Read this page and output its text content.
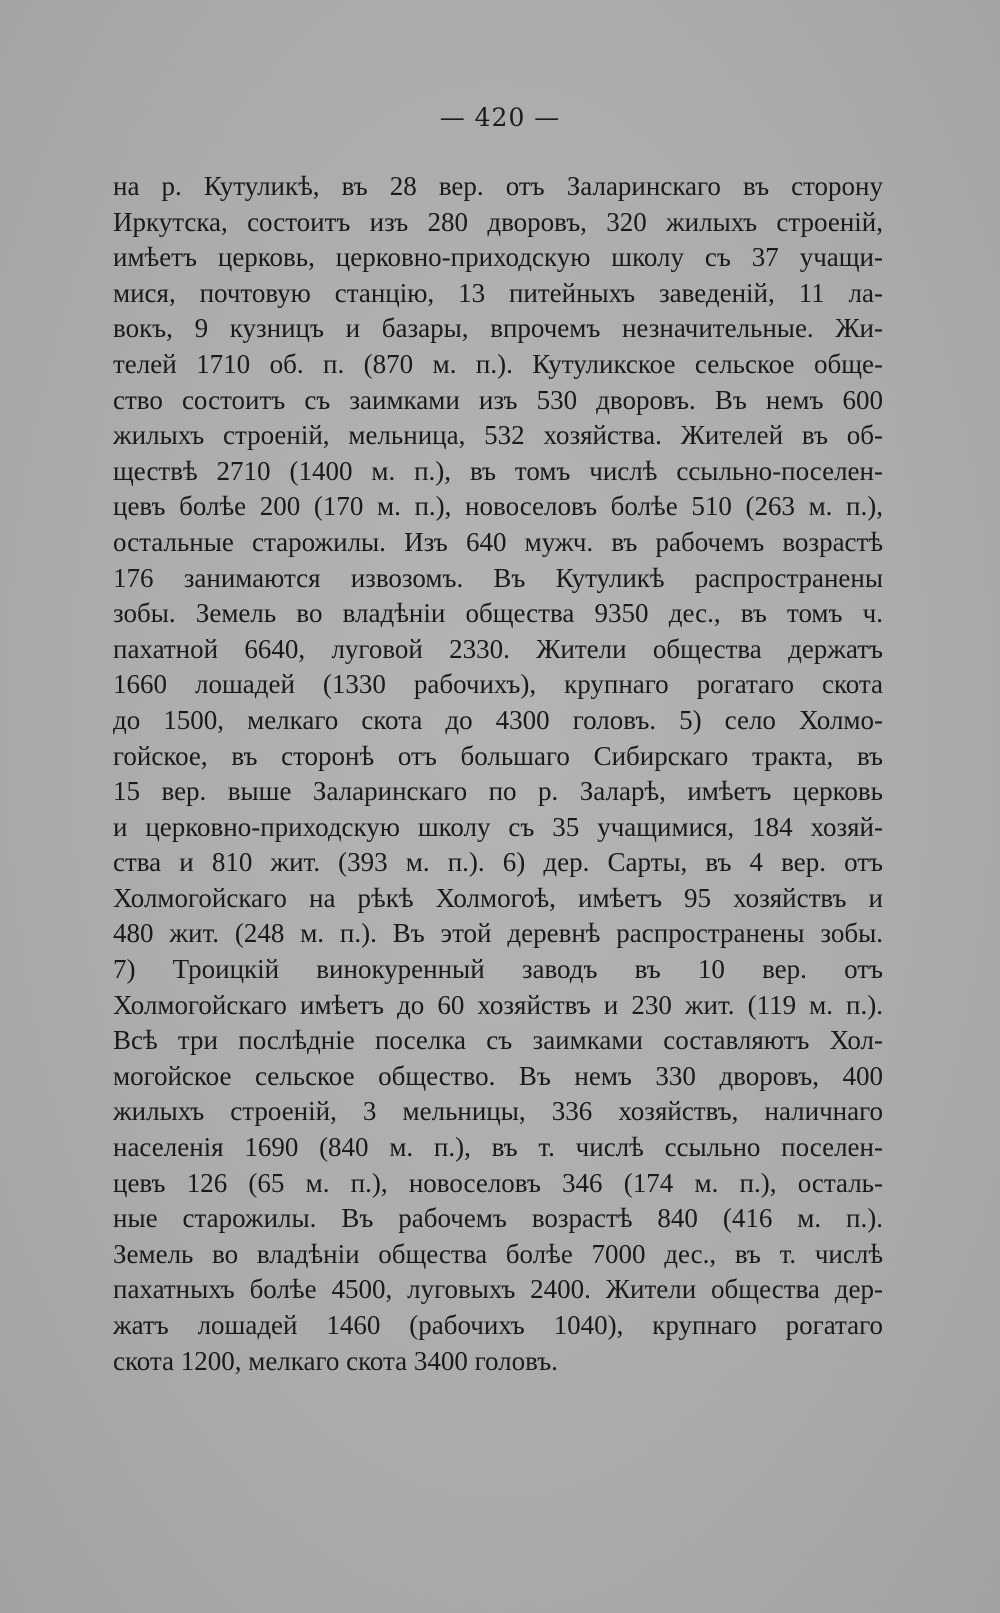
— 420 —
на р. Кутуликѣ, въ 28 вер. отъ Заларинскаго въ сторону
Иркутска, состоитъ изъ 280 дворовъ, 320 жилыхъ строеній,
имѣетъ церковь, церковно-приходскую школу съ 37 учащи-
мися, почтовую станцію, 13 питейныхъ заведеній, 11 ла-
вокъ, 9 кузницъ и базары, впрочемъ незначительные. Жи-
телей 1710 об. п. (870 м. п.). Кутуликское сельское обще-
ство состоитъ съ заимками изъ 530 дворовъ. Въ немъ 600
жилыхъ строеній, мельница, 532 хозяйства. Жителей въ об-
ществѣ 2710 (1400 м. п.), въ томъ числѣ ссыльно-поселен-
цевъ болѣе 200 (170 м. п.), новоселовъ болѣе 510 (263 м. п.),
остальные старожилы. Изъ 640 мужч. въ рабочемъ возрастѣ
176 занимаются извозомъ. Въ Кутуликѣ распространены
зобы. Земель во владѣніи общества 9350 дес., въ томъ ч.
пахатной 6640, луговой 2330. Жители общества держатъ
1660 лошадей (1330 рабочихъ), крупнаго рогатаго скота
до 1500, мелкаго скота до 4300 головъ. 5) село Холмо-
гойское, въ сторонѣ отъ большаго Сибирскаго тракта, въ
15 вер. выше Заларинскаго по р. Заларѣ, имѣетъ церковь
и церковно-приходскую школу съ 35 учащимися, 184 хозяй-
ства и 810 жит. (393 м. п.). 6) дер. Сарты, въ 4 вер. отъ
Холмогойскаго на рѣкѣ Холмогоѣ, имѣетъ 95 хозяйствъ и
480 жит. (248 м. п.). Въ этой деревнѣ распространены зобы.
7) Троицкій винокуренный заводъ въ 10 вер. отъ
Холмогойскаго имѣетъ до 60 хозяйствъ и 230 жит. (119 м. п.).
Всѣ три послѣдніе поселка съ заимками составляютъ Хол-
могойское сельское общество. Въ немъ 330 дворовъ, 400
жилыхъ строеній, 3 мельницы, 336 хозяйствъ, наличнаго
населенія 1690 (840 м. п.), въ т. числѣ ссыльно поселен-
цевъ 126 (65 м. п.), новоселовъ 346 (174 м. п.), осталь-
ные старожилы. Въ рабочемъ возрастѣ 840 (416 м. п.).
Земель во владѣніи общества болѣе 7000 дес., въ т. числѣ
пахатныхъ болѣе 4500, луговыхъ 2400. Жители общества дер-
жатъ лошадей 1460 (рабочихъ 1040), крупнаго рогатаго
скота 1200, мелкаго скота 3400 головъ.
